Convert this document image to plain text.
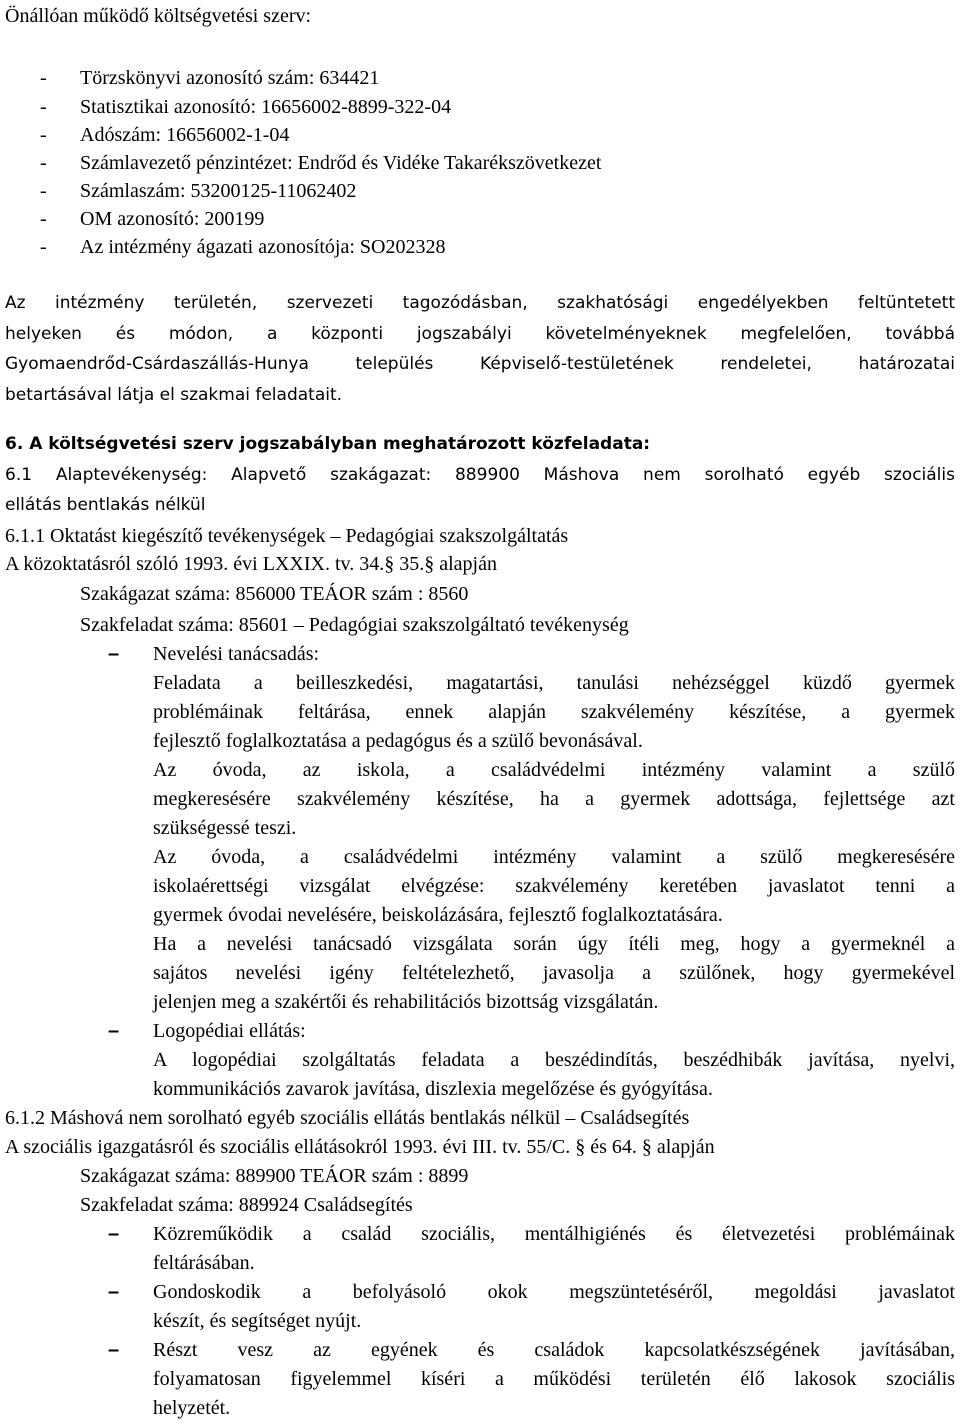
Önállóan működő költségvetési szerv:
- Törzskönyvi azonosító szám: 634421
- Statisztikai azonosító: 16656002-8899-322-04
- Adószám: 16656002-1-04
- Számlavezető pénzintézet: Endrőd és Vidéke Takarékszövetkezet
- Számlaszám: 53200125-11062402
- OM azonosító: 200199
- Az intézmény ágazati azonosítója: SO202328
Az intézmény területén, szervezeti tagozódásban, szakhatósági engedélyekben feltüntetett
helyeken és módon, a központi jogszabályi követelményeknek megfelelően, továbbá
Gyomaendrőd-Csárdaszállás-Hunya település Képviselő-testületének rendeletei, határozatai
betartásával látja el szakmai feladatait.
6. A költségvetési szerv jogszabályban meghatározott közfeladata:
6.1 Alaptevékenység: Alapvető szakágazat: 889900 Máshova nem sorolható egyéb szociális
ellátás bentlakás nélkül
6.1.1 Oktatást kiegészítő tevékenységek – Pedagógiai szakszolgáltatás
A közoktatásról szóló 1993. évi LXXIX. tv. 34.§ 35.§ alapján
Szakágazat száma: 856000 TEÁOR szám : 8560
Szakfeladat száma: 85601 – Pedagógiai szakszolgáltató tevékenység
– Nevelési tanácsadás:
Feladata a beilleszkedési, magatartási, tanulási nehézséggel küzdő gyermek
problémáinak feltárása, ennek alapján szakvélemény készítése, a gyermek
fejlesztő foglalkoztatása a pedagógus és a szülő bevonásával.
Az óvoda, az iskola, a családvédelmi intézmény valamint a szülő
megkeresésére szakvélemény készítése, ha a gyermek adottsága, fejlettsége azt
szükségessé teszi.
Az óvoda, a családvédelmi intézmény valamint a szülő megkeresésére
iskolaérettségi vizsgálat elvégzése: szakvélemény keretében javaslatot tenni a
gyermek óvodai nevelésére, beiskolázására, fejlesztő foglalkoztatására.
Ha a nevelési tanácsadó vizsgálata során úgy ítéli meg, hogy a gyermeknél a
sajátos nevelési igény feltételezhető, javasolja a szülőnek, hogy gyermekével
jelenjen meg a szakértői és rehabilitációs bizottság vizsgálatán.
– Logopédiai ellátás:
A logopédiai szolgáltatás feladata a beszédindítás, beszédhibák javítása, nyelvi,
kommunikációs zavarok javítása, diszlexia megelőzése és gyógyítása.
6.1.2 Máshová nem sorolható egyéb szociális ellátás bentlakás nélkül – Családsegítés
A szociális igazgatásról és szociális ellátásokról 1993. évi III. tv. 55/C. § és 64. § alapján
Szakágazat száma: 889900 TEÁOR szám : 8899
Szakfeladat száma: 889924 Családsegítés
– Közreműködik a család szociális, mentálhigiénés és életvezetési problémáinak
feltárásában.
– Gondoskodik a befolyásoló okok megszüntetéséről, megoldási javaslatot
készít, és segítséget nyújt.
– Részt vesz az egyének és családok kapcsolatkészségének javításában,
folyamatosan figyelemmel kíséri a működési területén élő lakosok szociális
helyzetét.
